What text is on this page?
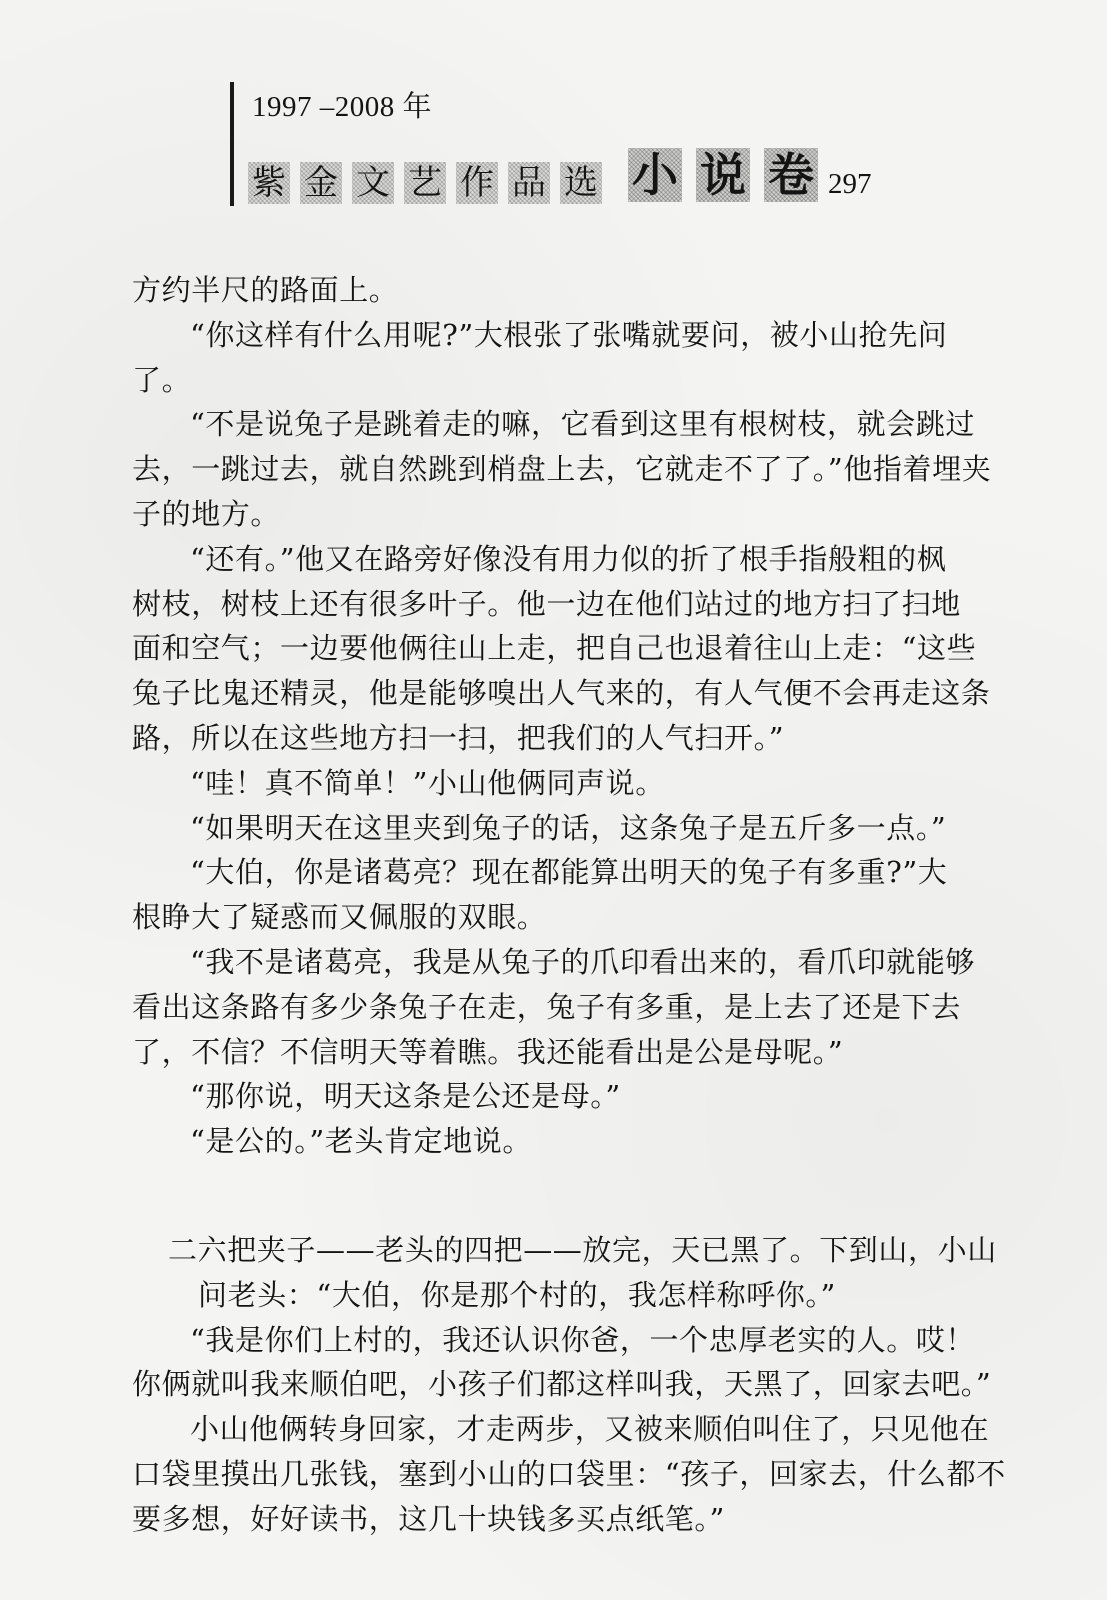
1997 –2008 年
紫 金 文 艺 作 品 选 小 说 卷 297
方约半尺的路面上。
“你这样有什么用呢?”大根张了张嘴就要问，被小山抢先问
了。
“不是说兔子是跳着走的嘛，它看到这里有根树枝，就会跳过
去，一跳过去，就自然跳到梢盘上去，它就走不了了。”他指着埋夹
子的地方。
“还有。”他又在路旁好像没有用力似的折了根手指般粗的枫
树枝，树枝上还有很多叶子。他一边在他们站过的地方扫了扫地
面和空气；一边要他俩往山上走，把自己也退着往山上走：“这些
兔子比鬼还精灵，他是能够嗅出人气来的，有人气便不会再走这条
路，所以在这些地方扫一扫，把我们的人气扫开。”
“哇！真不简单！”小山他俩同声说。
“如果明天在这里夹到兔子的话，这条兔子是五斤多一点。”
“大伯，你是诸葛亮？现在都能算出明天的兔子有多重?”大
根睁大了疑惑而又佩服的双眼。
“我不是诸葛亮，我是从兔子的爪印看出来的，看爪印就能够
看出这条路有多少条兔子在走，兔子有多重，是上去了还是下去
了，不信？不信明天等着瞧。我还能看出是公是母呢。”
“那你说，明天这条是公还是母。”
“是公的。”老头肯定地说。
二六把夹子——老头的四把——放完，天已黑了。下到山，小山
问老头：“大伯，你是那个村的，我怎样称呼你。”
“我是你们上村的，我还认识你爸，一个忠厚老实的人。哎！
你俩就叫我来顺伯吧，小孩子们都这样叫我，天黑了，回家去吧。”
小山他俩转身回家，才走两步，又被来顺伯叫住了，只见他在
口袋里摸出几张钱，塞到小山的口袋里：“孩子，回家去，什么都不
要多想，好好读书，这几十块钱多买点纸笔。”
